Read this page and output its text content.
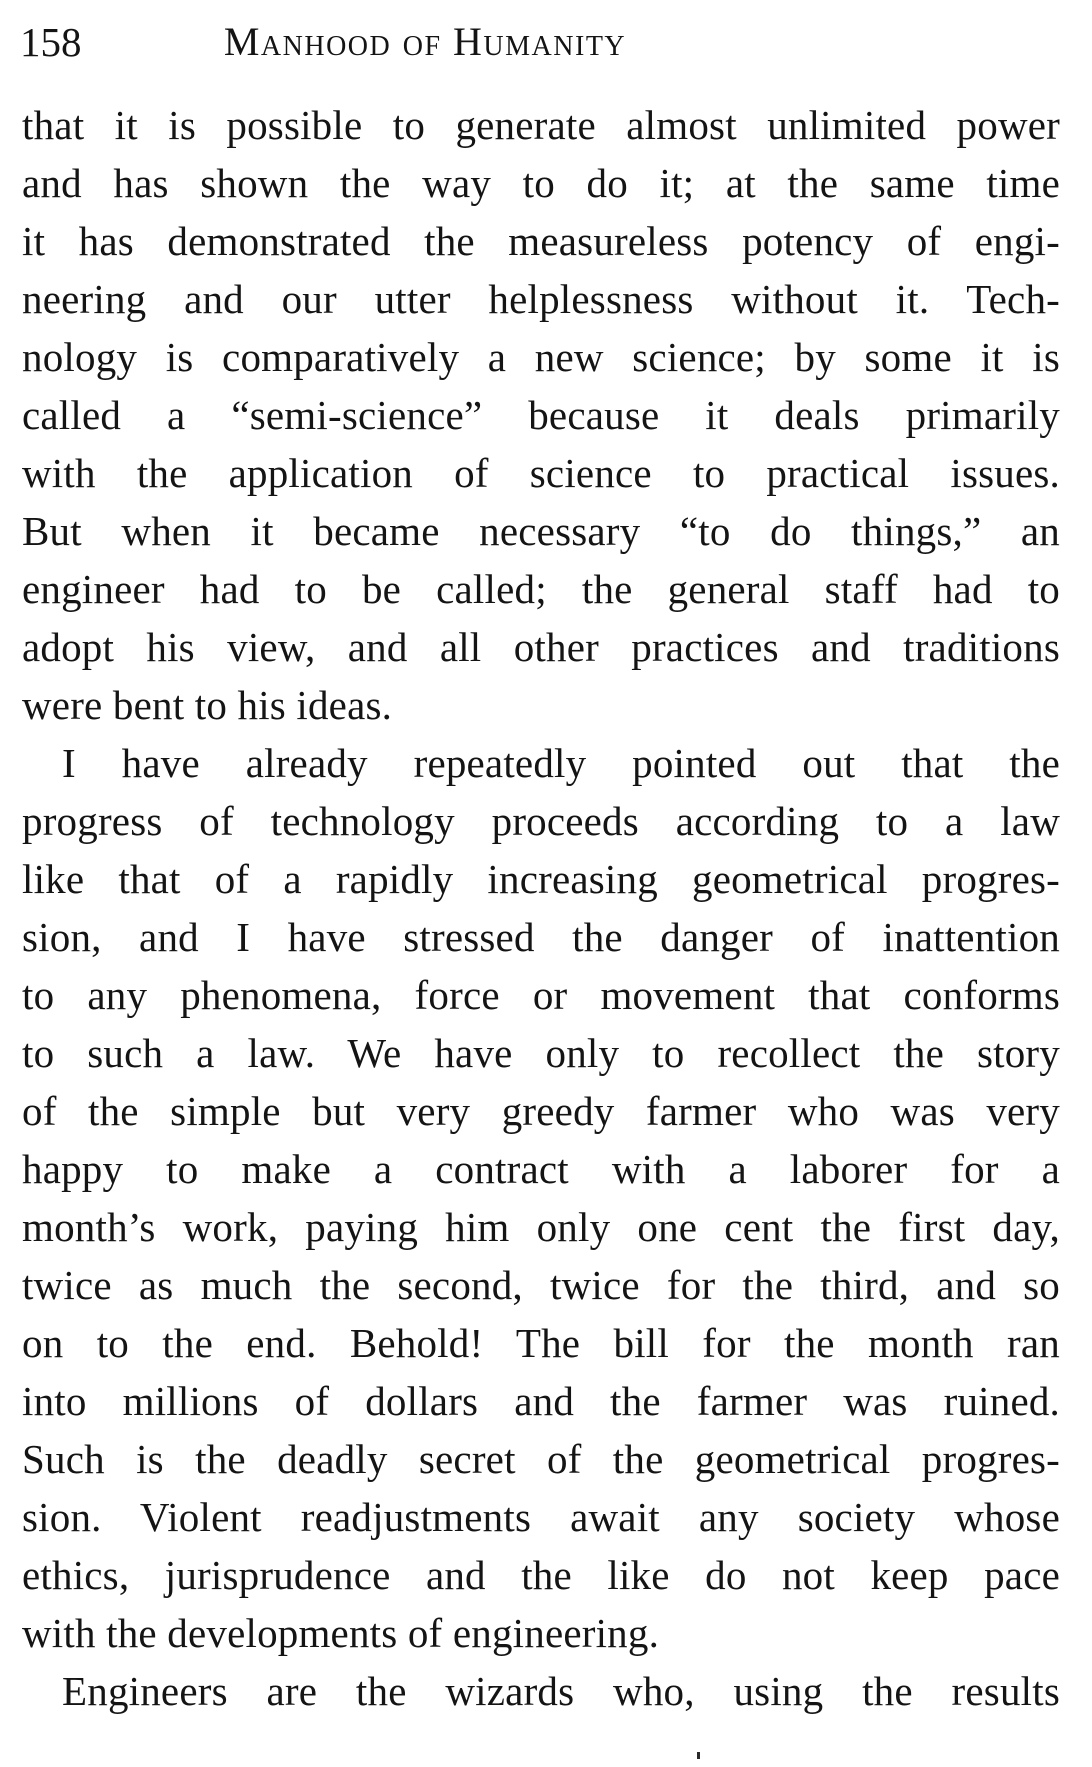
158	Manhood of Humanity
that it is possible to generate almost unlimited power
and has shown the way to do it; at the same time
it has demonstrated the measureless potency of engi-
neering and our utter helplessness without it. Tech-
nology is comparatively a new science; by some it is
called a “semi-science” because it deals primarily
with the application of science to practical issues.
But when it became necessary “to do things,” an
engineer had to be called; the general staff had to
adopt his view, and all other practices and traditions
were bent to his ideas.
I have already repeatedly pointed out that the
progress of technology proceeds according to a law
like that of a rapidly increasing geometrical progres-
sion, and I have stressed the danger of inattention
to any phenomena, force or movement that conforms
to such a law. We have only to recollect the story
of the simple but very greedy farmer who was very
happy to make a contract with a laborer for a
month’s work, paying him only one cent the first day,
twice as much the second, twice for the third, and so
on to the end. Behold! The bill for the month ran
into millions of dollars and the farmer was ruined.
Such is the deadly secret of the geometrical progres-
sion. Violent readjustments await any society whose
ethics, jurisprudence and the like do not keep pace
with the developments of engineering.
Engineers are the wizards who, using the results
